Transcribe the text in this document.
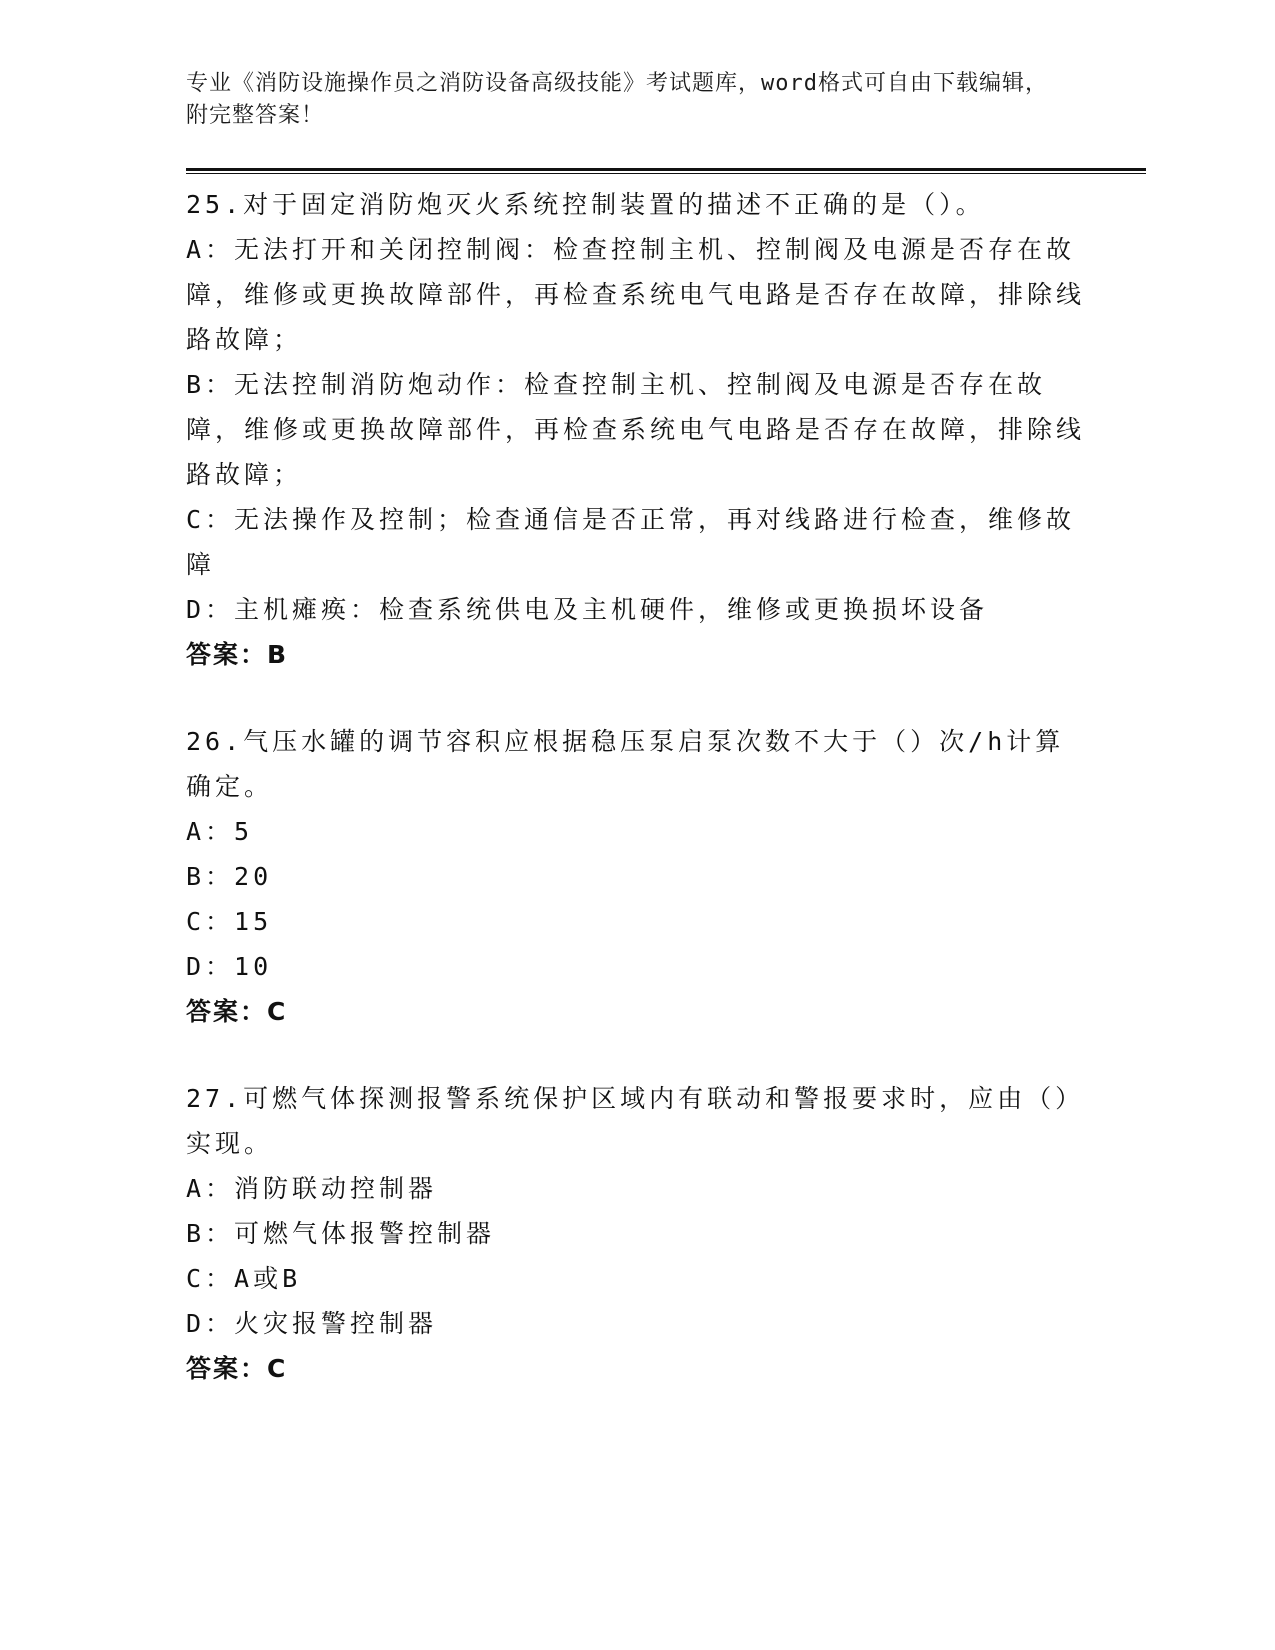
专业《消防设施操作员之消防设备高级技能》考试题库，word格式可自由下载编辑，附完整答案！
25.对于固定消防炮灭火系统控制装置的描述不正确的是（）。
A：无法打开和关闭控制阀：检查控制主机、控制阀及电源是否存在故障，维修或更换故障部件，再检查系统电气电路是否存在故障，排除线路故障；
B：无法控制消防炮动作：检查控制主机、控制阀及电源是否存在故障，维修或更换故障部件，再检查系统电气电路是否存在故障，排除线路故障；
C：无法操作及控制；检查通信是否正常，再对线路进行检查，维修故障
D：主机瘫痪：检查系统供电及主机硬件，维修或更换损坏设备
答案：B
26.气压水罐的调节容积应根据稳压泵启泵次数不大于（）次/h计算确定。
A：5
B：20
C：15
D：10
答案：C
27.可燃气体探测报警系统保护区域内有联动和警报要求时，应由（）实现。
A：消防联动控制器
B：可燃气体报警控制器
C：A或B
D：火灾报警控制器
答案：C
